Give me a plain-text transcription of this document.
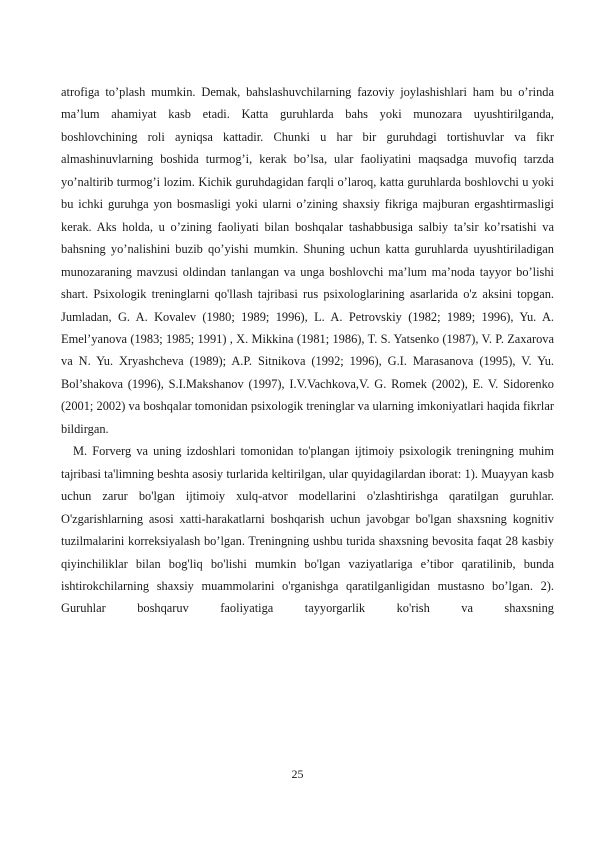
atrofiga to’plash mumkin. Demak, bahslashuvchilarning fazoviy joylashishlari ham bu o’rinda ma’lum ahamiyat kasb etadi. Katta guruhlarda bahs yoki munozara uyushtirilganda, boshlovchining roli ayniqsa kattadir. Chunki u har bir guruhdagi tortishuvlar va fikr almashinuvlarning boshida turmog’i, kerak bo’lsa, ular faoliyatini maqsadga muvofiq tarzda yo’naltirib turmog’i lozim. Kichik guruhdagidan farqli o’laroq, katta guruhlarda boshlovchi u yoki bu ichki guruhga yon bosmasligi yoki ularni o’zining shaxsiy fikriga majburan ergashtirmasligi kerak. Aks holda, u o’zining faoliyati bilan boshqalar tashabbusiga salbiy ta’sir ko’rsatishi va bahsning yo’nalishini buzib qo’yishi mumkin. Shuning uchun katta guruhlarda uyushtiriladigan munozaraning mavzusi oldindan tanlangan va unga boshlovchi ma’lum ma’noda tayyor bo’lishi shart. Psixologik treninglarni qo'llash tajribasi rus psixologlarining asarlarida o'z aksini topgan. Jumladan, G. A. Kovalev (1980; 1989; 1996), L. A. Petrovskiy (1982; 1989; 1996), Yu. A. Emel’yanova (1983; 1985; 1991) , X. Mikkina (1981; 1986), T. S. Yatsenko (1987), V. P. Zaxarova va N. Yu. Xryashcheva (1989); A.P. Sitnikova (1992; 1996), G.I. Marasanova (1995), V. Yu. Bol’shakova (1996), S.I.Makshanov (1997), I.V.Vachkova,V. G. Romek (2002), E. V. Sidorenko (2001; 2002) va boshqalar tomonidan psixologik treninglar va ularning imkoniyatlari haqida fikrlar bildirgan.

M. Forverg va uning izdoshlari tomonidan to'plangan ijtimoiy psixologik treningning muhim tajribasi ta'limning beshta asosiy turlarida keltirilgan, ular quyidagilardan iborat: 1). Muayyan kasb uchun zarur bo'lgan ijtimoiy xulq-atvor modellarini o'zlashtirishga qaratilgan guruhlar. O'zgarishlarning asosi xatti-harakatlarni boshqarish uchun javobgar bo'lgan shaxsning kognitiv tuzilmalarini korreksiyalash bo’lgan. Treningning ushbu turida shaxsning bevosita faqat 28 kasbiy qiyinchiliklar bilan bog'liq bo'lishi mumkin bo'lgan vaziyatlariga e’tibor qaratilinib, bunda ishtirokchilarning shaxsiy muammolarini o'rganishga qaratilganligidan mustasno bo’lgan. 2). Guruhlar boshqaruv faoliyatiga tayyorgarlik ko'rish va shaxsning

25
